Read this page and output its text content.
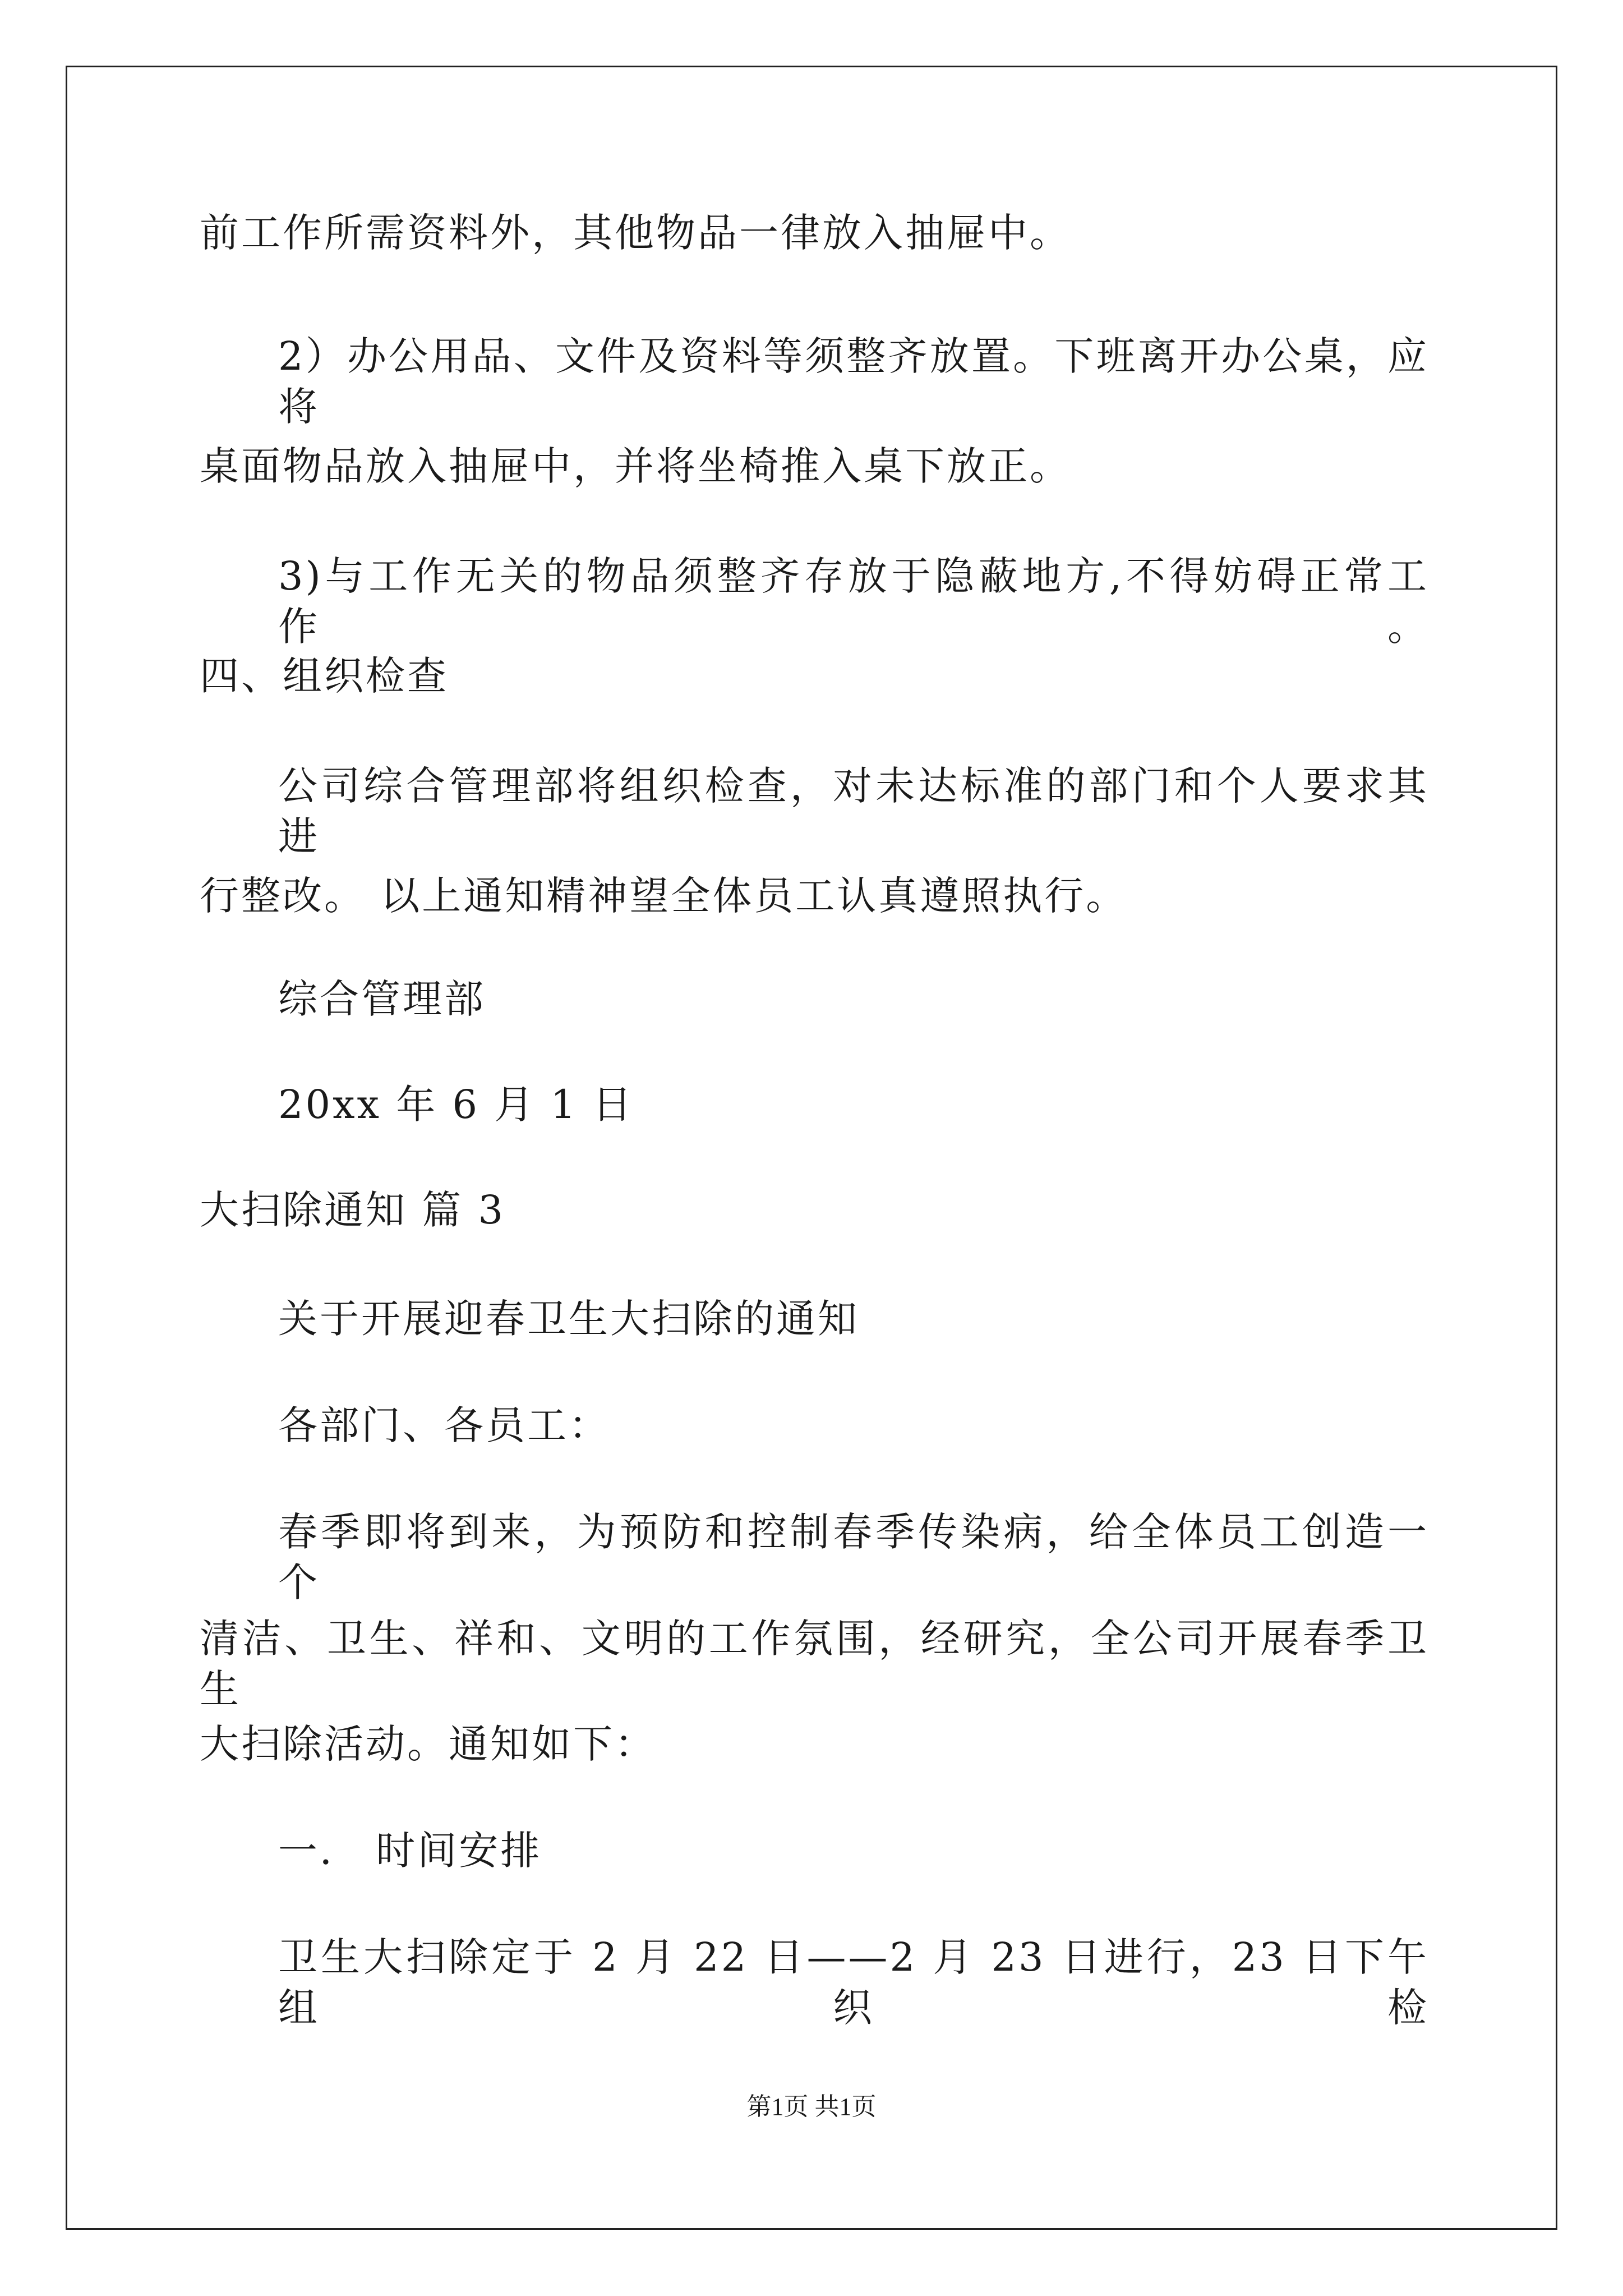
前工作所需资料外，其他物品一律放入抽屉中。
2）办公用品、文件及资料等须整齐放置。下班离开办公桌，应将
桌面物品放入抽屉中，并将坐椅推入桌下放正。
3)与工作无关的物品须整齐存放于隐蔽地方,不得妨碍正常工作。
四、组织检查
公司综合管理部将组织检查，对未达标准的部门和个人要求其进
行整改。 以上通知精神望全体员工认真遵照执行。
综合管理部
20xx 年 6 月 1 日
大扫除通知 篇 3
关于开展迎春卫生大扫除的通知
各部门、各员工：
春季即将到来，为预防和控制春季传染病，给全体员工创造一个
清洁、卫生、祥和、文明的工作氛围，经研究，全公司开展春季卫生
大扫除活动。通知如下：
一． 时间安排
卫生大扫除定于 2 月 22 日——2 月 23 日进行，23 日下午组织检
第1页 共1页
